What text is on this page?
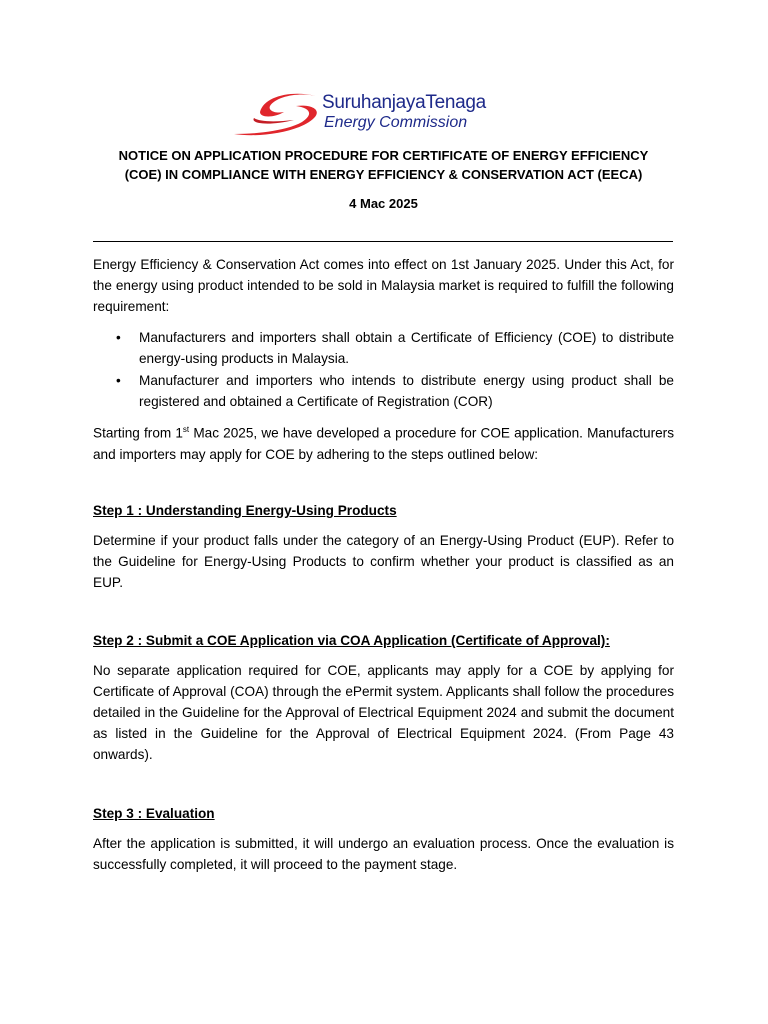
SuruhanjayaTenaga
Energy Commission
NOTICE ON APPLICATION PROCEDURE FOR CERTIFICATE OF ENERGY EFFICIENCY
(COE) IN COMPLIANCE WITH ENERGY EFFICIENCY & CONSERVATION ACT (EECA)
4 Mac 2025

Energy Efficiency & Conservation Act comes into effect on 1st January 2025. Under this Act, for the energy using product intended to be sold in Malaysia market is required to fulfill the following requirement:

• Manufacturers and importers shall obtain a Certificate of Efficiency (COE) to distribute energy-using products in Malaysia.
• Manufacturer and importers who intends to distribute energy using product shall be registered and obtained a Certificate of Registration (COR)

Starting from 1st Mac 2025, we have developed a procedure for COE application. Manufacturers and importers may apply for COE by adhering to the steps outlined below:

Step 1 : Understanding Energy-Using Products

Determine if your product falls under the category of an Energy-Using Product (EUP). Refer to the Guideline for Energy-Using Products to confirm whether your product is classified as an EUP.

Step 2 : Submit a COE Application via COA Application (Certificate of Approval):

No separate application required for COE, applicants may apply for a COE by applying for Certificate of Approval (COA) through the ePermit system. Applicants shall follow the procedures detailed in the Guideline for the Approval of Electrical Equipment 2024 and submit the document as listed in the Guideline for the Approval of Electrical Equipment 2024. (From Page 43 onwards).

Step 3 : Evaluation

After the application is submitted, it will undergo an evaluation process. Once the evaluation is successfully completed, it will proceed to the payment stage.
